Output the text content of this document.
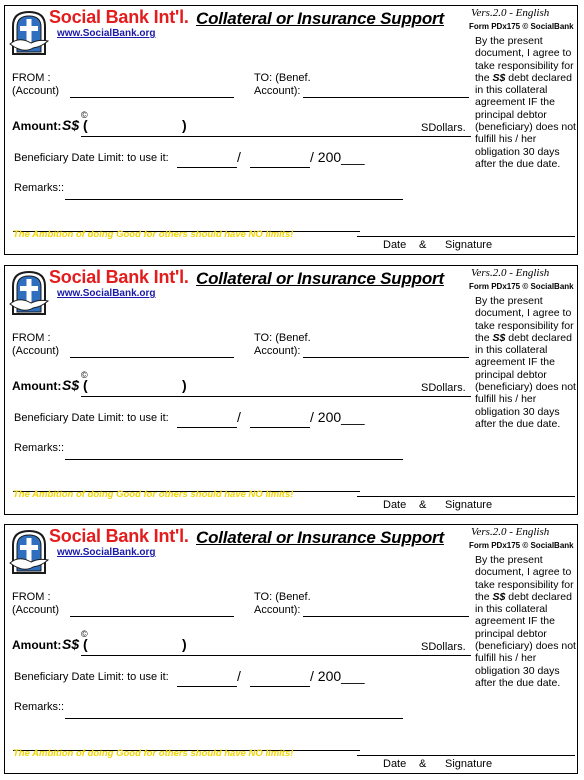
Social Bank Int'l.
www.SocialBank.org
Collateral or Insurance Support Vers.2.0 - English
Form PDx175 © SocialBank
FROM :
(Account)
TO: (Benef.
Account):
Amount: S$
©
(	)	SDollars.
Beneficiary Date Limit: to use it:	/	/ 200___
Remarks::
By the present document, I agree to take responsibility for the S$ debt declared in this collateral agreement IF the principal debtor (beneficiary) does not fulfill his / her obligation 30 days after the due date.
The Ambition of doing Good for others should have NO limits!
Date & Signature
Social Bank Int'l.
www.SocialBank.org
Collateral or Insurance Support Vers.2.0 - English
Form PDx175 © SocialBank
FROM :
(Account)
TO: (Benef.
Account):
Amount: S$
©
(	)	SDollars.
Beneficiary Date Limit: to use it:	/	/ 200___
Remarks::
By the present document, I agree to take responsibility for the S$ debt declared in this collateral agreement IF the principal debtor (beneficiary) does not fulfill his / her obligation 30 days after the due date.
The Ambition of doing Good for others should have NO limits!
Date & Signature
Social Bank Int'l.
www.SocialBank.org
Collateral or Insurance Support Vers.2.0 - English
Form PDx175 © SocialBank
FROM :
(Account)
TO: (Benef.
Account):
Amount: S$
©
(	)	SDollars.
Beneficiary Date Limit: to use it:	/	/ 200___
Remarks::
By the present document, I agree to take responsibility for the S$ debt declared in this collateral agreement IF the principal debtor (beneficiary) does not fulfill his / her obligation 30 days after the due date.
The Ambition of doing Good for others should have NO limits!
Date & Signature
